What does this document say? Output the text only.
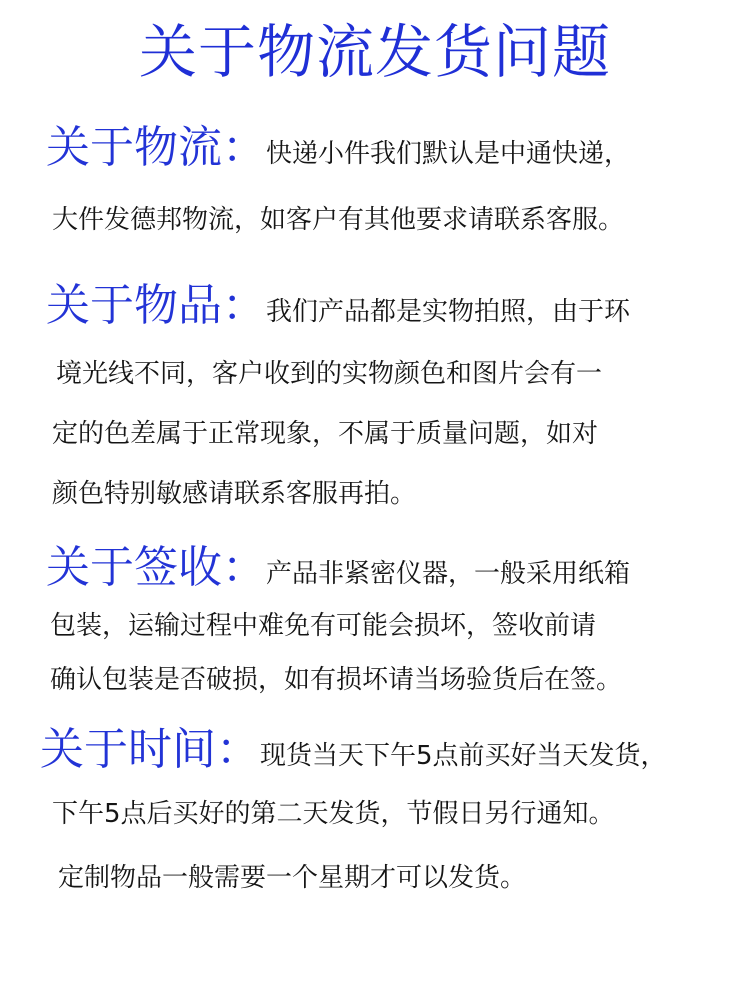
关于物流发货问题
关于物流：快递小件我们默认是中通快递，
大件发德邦物流，如客户有其他要求请联系客服。
关于物品：我们产品都是实物拍照，由于环
境光线不同，客户收到的实物颜色和图片会有一
定的色差属于正常现象，不属于质量问题，如对
颜色特别敏感请联系客服再拍。
关于签收：产品非紧密仪器，一般采用纸箱
包装，运输过程中难免有可能会损坏，签收前请
确认包装是否破损，如有损坏请当场验货后在签。
关于时间：现货当天下午5点前买好当天发货，
下午5点后买好的第二天发货，节假日另行通知。
定制物品一般需要一个星期才可以发货。
